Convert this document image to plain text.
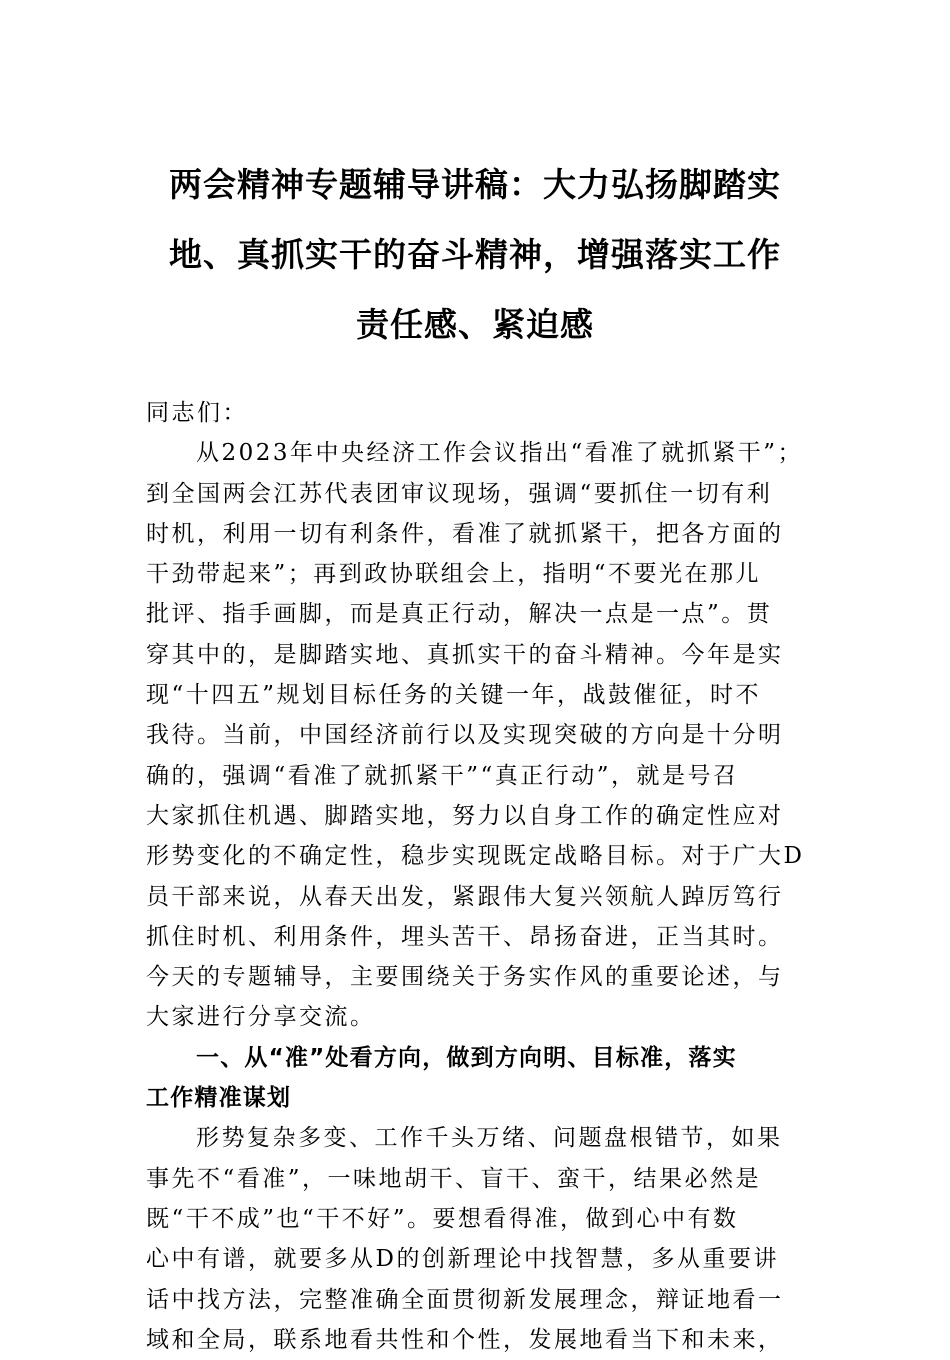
两会精神专题辅导讲稿：大力弘扬脚踏实
地、真抓实干的奋斗精神，增强落实工作
责任感、紧迫感
同志们：
从2023年中央经济工作会议指出“看准了就抓紧干”；
到全国两会江苏代表团审议现场，强调“要抓住一切有利
时机，利用一切有利条件，看准了就抓紧干，把各方面的
干劲带起来”；再到政协联组会上，指明“不要光在那儿
批评、指手画脚，而是真正行动，解决一点是一点”。贯
穿其中的，是脚踏实地、真抓实干的奋斗精神。今年是实
现“十四五”规划目标任务的关键一年，战鼓催征，时不
我待。当前，中国经济前行以及实现突破的方向是十分明
确的，强调“看准了就抓紧干”“真正行动”，就是号召
大家抓住机遇、脚踏实地，努力以自身工作的确定性应对
形势变化的不确定性，稳步实现既定战略目标。对于广大D
员干部来说，从春天出发，紧跟伟大复兴领航人踔厉笃行
抓住时机、利用条件，埋头苦干、昂扬奋进，正当其时。
今天的专题辅导，主要围绕关于务实作风的重要论述，与
大家进行分享交流。
一、从“准”处看方向，做到方向明、目标准，落实
工作精准谋划
形势复杂多变、工作千头万绪、问题盘根错节，如果
事先不“看准”，一味地胡干、盲干、蛮干，结果必然是
既“干不成”也“干不好”。要想看得准，做到心中有数
心中有谱，就要多从D的创新理论中找智慧，多从重要讲
话中找方法，完整准确全面贯彻新发展理念，辩证地看一
域和全局，联系地看共性和个性，发展地看当下和未来，
